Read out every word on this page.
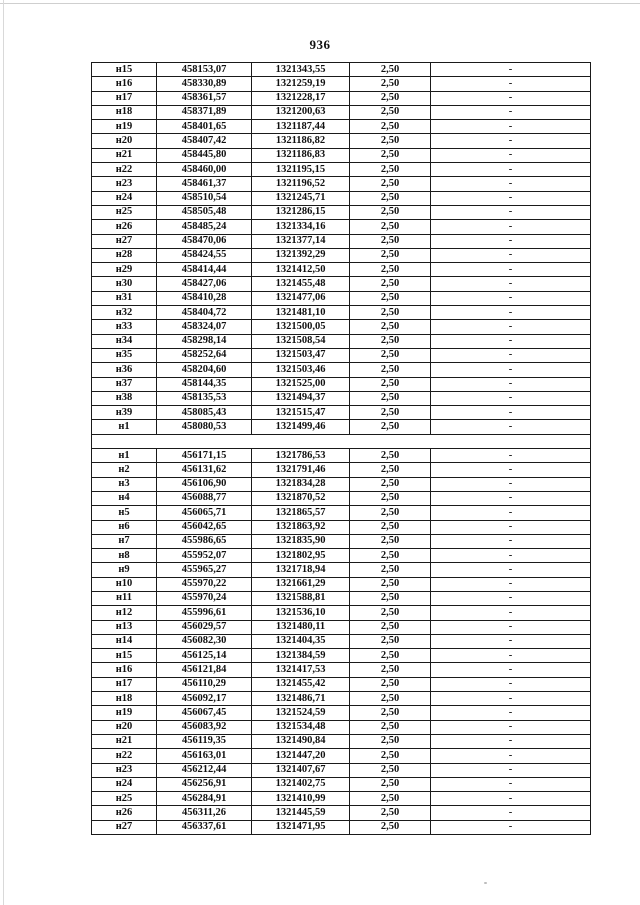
936
н15	458153,07	1321343,55	2,50	-
н16	458330,89	1321259,19	2,50	-
н17	458361,57	1321228,17	2,50	-
н18	458371,89	1321200,63	2,50	-
н19	458401,65	1321187,44	2,50	-
н20	458407,42	1321186,82	2,50	-
н21	458445,80	1321186,83	2,50	-
н22	458460,00	1321195,15	2,50	-
н23	458461,37	1321196,52	2,50	-
н24	458510,54	1321245,71	2,50	-
н25	458505,48	1321286,15	2,50	-
н26	458485,24	1321334,16	2,50	-
н27	458470,06	1321377,14	2,50	-
н28	458424,55	1321392,29	2,50	-
н29	458414,44	1321412,50	2,50	-
н30	458427,06	1321455,48	2,50	-
н31	458410,28	1321477,06	2,50	-
н32	458404,72	1321481,10	2,50	-
н33	458324,07	1321500,05	2,50	-
н34	458298,14	1321508,54	2,50	-
н35	458252,64	1321503,47	2,50	-
н36	458204,60	1321503,46	2,50	-
н37	458144,35	1321525,00	2,50	-
н38	458135,53	1321494,37	2,50	-
н39	458085,43	1321515,47	2,50	-
н1	458080,53	1321499,46	2,50	-

н1	456171,15	1321786,53	2,50	-
н2	456131,62	1321791,46	2,50	-
н3	456106,90	1321834,28	2,50	-
н4	456088,77	1321870,52	2,50	-
н5	456065,71	1321865,57	2,50	-
н6	456042,65	1321863,92	2,50	-
н7	455986,65	1321835,90	2,50	-
н8	455952,07	1321802,95	2,50	-
н9	455965,27	1321718,94	2,50	-
н10	455970,22	1321661,29	2,50	-
н11	455970,24	1321588,81	2,50	-
н12	455996,61	1321536,10	2,50	-
н13	456029,57	1321480,11	2,50	-
н14	456082,30	1321404,35	2,50	-
н15	456125,14	1321384,59	2,50	-
н16	456121,84	1321417,53	2,50	-
н17	456110,29	1321455,42	2,50	-
н18	456092,17	1321486,71	2,50	-
н19	456067,45	1321524,59	2,50	-
н20	456083,92	1321534,48	2,50	-
н21	456119,35	1321490,84	2,50	-
н22	456163,01	1321447,20	2,50	-
н23	456212,44	1321407,67	2,50	-
н24	456256,91	1321402,75	2,50	-
н25	456284,91	1321410,99	2,50	-
н26	456311,26	1321445,59	2,50	-
н27	456337,61	1321471,95	2,50	-
